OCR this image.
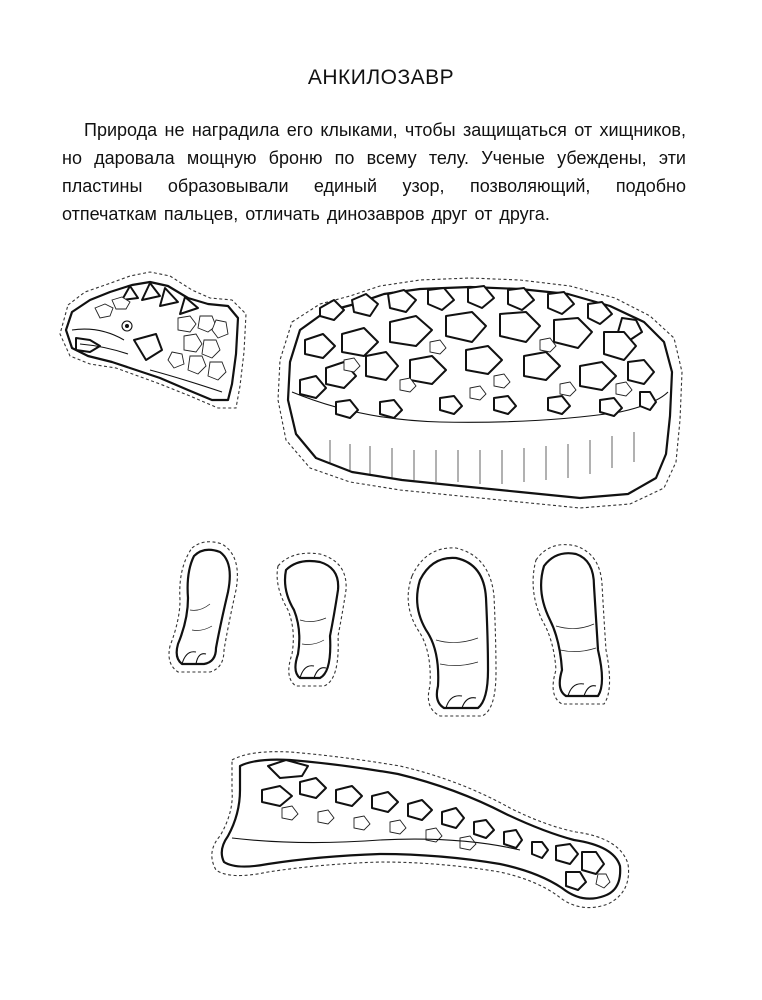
АНКИЛОЗАВР

Природа не наградила его клыками, чтобы защищаться от хищников, но даровала мощную броню по всему телу. Ученые убеждены, эти пластины образовывали единый узор, позволяющий, подобно отпечаткам пальцев, отличать динозавров друг от друга.
